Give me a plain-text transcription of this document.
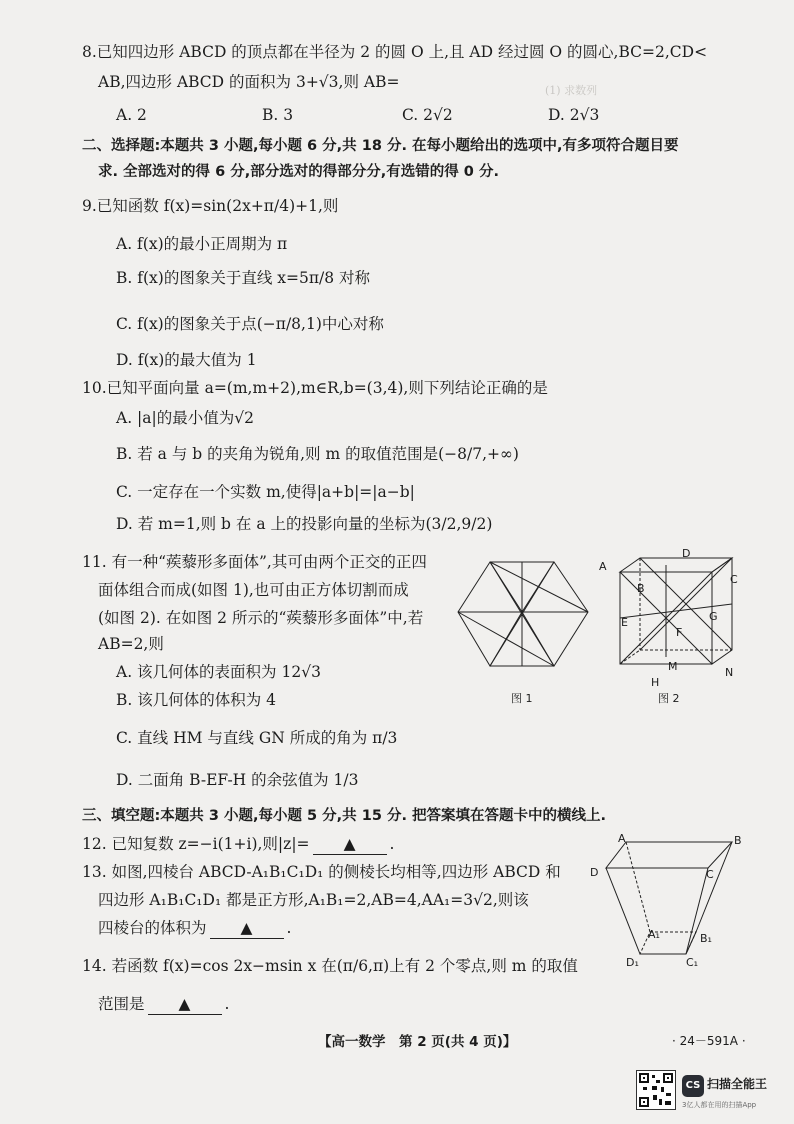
(1) 求数列
8.已知四边形 ABCD 的顶点都在半径为 2 的圆 O 上,且 AD 经过圆 O 的圆心,BC=2,CD<
AB,四边形 ABCD 的面积为 3+√3,则 AB=
A. 2	B. 3	C. 2√2	D. 2√3
二、选择题:本题共 3 小题,每小题 6 分,共 18 分. 在每小题给出的选项中,有多项符合题目要
求. 全部选对的得 6 分,部分选对的得部分分,有选错的得 0 分.
9.已知函数 f(x)=sin(2x+π/4)+1,则
A. f(x)的最小正周期为 π
B. f(x)的图象关于直线 x=5π/8 对称
C. f(x)的图象关于点(−π/8,1)中心对称
D. f(x)的最大值为 1
10.已知平面向量 a=(m,m+2),m∈R,b=(3,4),则下列结论正确的是
A. |a|的最小值为√2
B. 若 a 与 b 的夹角为锐角,则 m 的取值范围是(−8/7,+∞)
C. 一定存在一个实数 m,使得|a+b|=|a−b|
D. 若 m=1,则 b 在 a 上的投影向量的坐标为(3/2,9/2)
11. 有一种“蒺藜形多面体”,其可由两个正交的正四
面体组合而成(如图 1),也可由正方体切割而成
(如图 2). 在如图 2 所示的“蒺藜形多面体”中,若
AB=2,则
A. 该几何体的表面积为 12√3
B. 该几何体的体积为 4
C. 直线 HM 与直线 GN 所成的角为 π/3
D. 二面角 B-EF-H 的余弦值为 1/3
图 1
A
B
C
D
E
F
G
H
M	N
图 2
三、填空题:本题共 3 小题,每小题 5 分,共 15 分. 把答案填在答题卡中的横线上.
12. 已知复数 z=−i(1+i),则|z|= ▲ .
13. 如图,四棱台 ABCD-A₁B₁C₁D₁ 的侧棱长均相等,四边形 ABCD 和
四边形 A₁B₁C₁D₁ 都是正方形,A₁B₁=2,AB=4,AA₁=3√2,则该
四棱台的体积为 ▲ .
A	B
C
D
A₁	B₁
C₁
D₁
14. 若函数 f(x)=cos 2x−msin x 在(π/6,π)上有 2 个零点,则 m 的取值
范围是 ▲ .
【高一数学　第 2 页(共 4 页)】	· 24－591A ·
CS 扫描全能王
3亿人都在用的扫描App
